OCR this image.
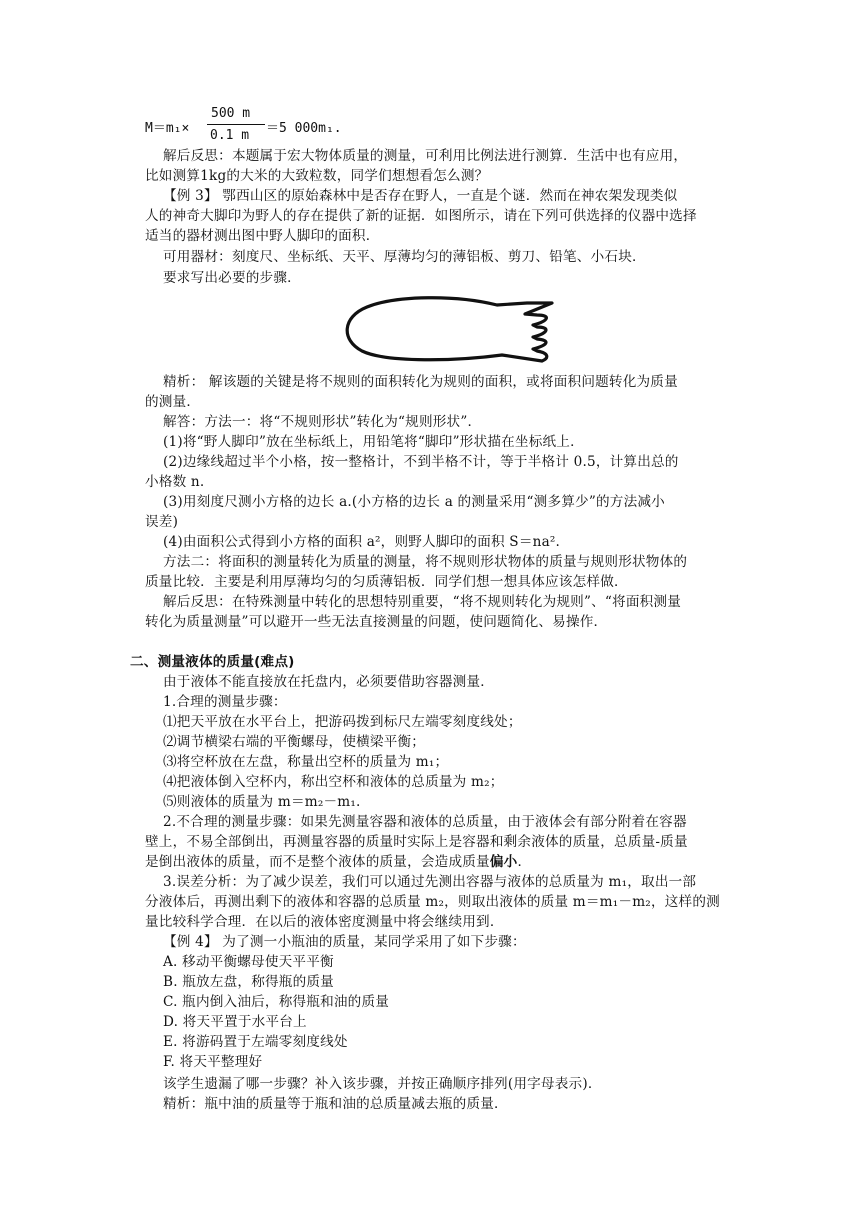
M＝m₁×
500 m
0.1 m ＝5 000m₁.
解后反思：本题属于宏大物体质量的测量，可利用比例法进行测算．生活中也有应用，
比如测算1kg的大米的大致粒数，同学们想想看怎么测？
【例 3】 鄂西山区的原始森林中是否存在野人，一直是个谜．然而在神农架发现类似
人的神奇大脚印为野人的存在提供了新的证据．如图所示，请在下列可供选择的仪器中选择
适当的器材测出图中野人脚印的面积．
可用器材：刻度尺、坐标纸、天平、厚薄均匀的薄铝板、剪刀、铅笔、小石块．
要求写出必要的步骤．
精析： 解该题的关键是将不规则的面积转化为规则的面积，或将面积问题转化为质量
的测量．
解答：方法一：将“不规则形状”转化为“规则形状”．
(1)将“野人脚印”放在坐标纸上，用铅笔将“脚印”形状描在坐标纸上．
(2)边缘线超过半个小格，按一整格计，不到半格不计，等于半格计 0.5，计算出总的
小格数 n.
(3)用刻度尺测小方格的边长 a.(小方格的边长 a 的测量采用“测多算少”的方法减小
误差)
(4)由面积公式得到小方格的面积 a²，则野人脚印的面积 S＝na².
方法二：将面积的测量转化为质量的测量，将不规则形状物体的质量与规则形状物体的
质量比较．主要是利用厚薄均匀的匀质薄铝板．同学们想一想具体应该怎样做．
解后反思：在特殊测量中转化的思想特别重要，“将不规则转化为规则”、“将面积测量
转化为质量测量”可以避开一些无法直接测量的问题，使问题简化、易操作．
二、测量液体的质量(难点)
由于液体不能直接放在托盘内，必须要借助容器测量．
1.合理的测量步骤：
⑴把天平放在水平台上，把游码拨到标尺左端零刻度线处；
⑵调节横梁右端的平衡螺母，使横梁平衡；
⑶将空杯放在左盘，称量出空杯的质量为 m₁；
⑷把液体倒入空杯内，称出空杯和液体的总质量为 m₂；
⑸则液体的质量为 m＝m₂－m₁.
2.不合理的测量步骤：如果先测量容器和液体的总质量，由于液体会有部分附着在容器
壁上，不易全部倒出，再测量容器的质量时实际上是容器和剩余液体的质量，总质量-质量
是倒出液体的质量，而不是整个液体的质量，会造成质量偏小．
3.误差分析：为了减少误差，我们可以通过先测出容器与液体的总质量为 m₁，取出一部
分液体后，再测出剩下的液体和容器的总质量 m₂，则取出液体的质量 m＝m₁－m₂，这样的测
量比较科学合理．在以后的液体密度测量中将会继续用到．
【例 4】 为了测一小瓶油的质量，某同学采用了如下步骤：
A. 移动平衡螺母使天平平衡
B. 瓶放左盘，称得瓶的质量
C. 瓶内倒入油后，称得瓶和油的质量
D. 将天平置于水平台上
E. 将游码置于左端零刻度线处
F. 将天平整理好
该学生遗漏了哪一步骤？补入该步骤，并按正确顺序排列(用字母表示)．
精析：瓶中油的质量等于瓶和油的总质量减去瓶的质量．
